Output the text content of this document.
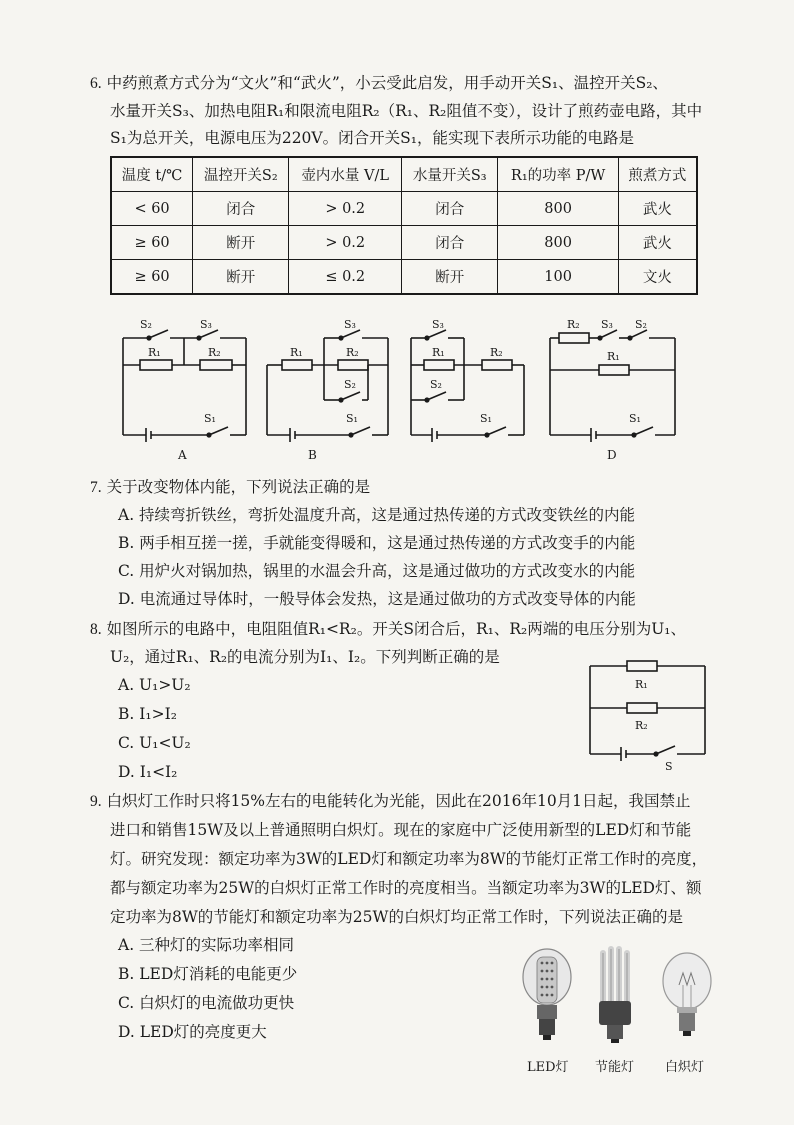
6. 中药煎煮方式分为“文火”和“武火”，小云受此启发，用手动开关S₁、温控开关S₂、
水量开关S₃、加热电阻R₁和限流电阻R₂（R₁、R₂阻值不变），设计了煎药壶电路，其中
S₁为总开关，电源电压为220V。闭合开关S₁，能实现下表所示功能的电路是
温度 t/℃	温控开关S₂	壶内水量 V/L	水量开关S₃	R₁的功率 P/W	煎煮方式
< 60	闭合	> 0.2	闭合	800	武火
≥ 60	断开	> 0.2	闭合	800	武火
≥ 60	断开	≤ 0.2	断开	100	文火
S₂	S₃
R₁	R₂
S₁
A
S₃
R₁	R₂
S₂
S₁
B
S₃
R₁	R₂
S₂
S₁
R₂ S₃ S₂
R₁
S₁
D
7. 关于改变物体内能，下列说法正确的是
A. 持续弯折铁丝，弯折处温度升高，这是通过热传递的方式改变铁丝的内能
B. 两手相互搓一搓，手就能变得暖和，这是通过热传递的方式改变手的内能
C. 用炉火对锅加热，锅里的水温会升高，这是通过做功的方式改变水的内能
D. 电流通过导体时，一般导体会发热，这是通过做功的方式改变导体的内能
8. 如图所示的电路中，电阻阻值R₁<R₂。开关S闭合后，R₁、R₂两端的电压分别为U₁、
U₂，通过R₁、R₂的电流分别为I₁、I₂。下列判断正确的是
A. U₁>U₂
B. I₁>I₂
C. U₁<U₂
D. I₁<I₂
R₁
R₂
S
9. 白炽灯工作时只将15%左右的电能转化为光能，因此在2016年10月1日起，我国禁止
进口和销售15W及以上普通照明白炽灯。现在的家庭中广泛使用新型的LED灯和节能
灯。研究发现：额定功率为3W的LED灯和额定功率为8W的节能灯正常工作时的亮度，
都与额定功率为25W的白炽灯正常工作时的亮度相当。当额定功率为3W的LED灯、额
定功率为8W的节能灯和额定功率为25W的白炽灯均正常工作时，下列说法正确的是
A. 三种灯的实际功率相同
B. LED灯消耗的电能更少
C. 白炽灯的电流做功更快
D. LED灯的亮度更大
LED灯 节能灯 白炽灯
